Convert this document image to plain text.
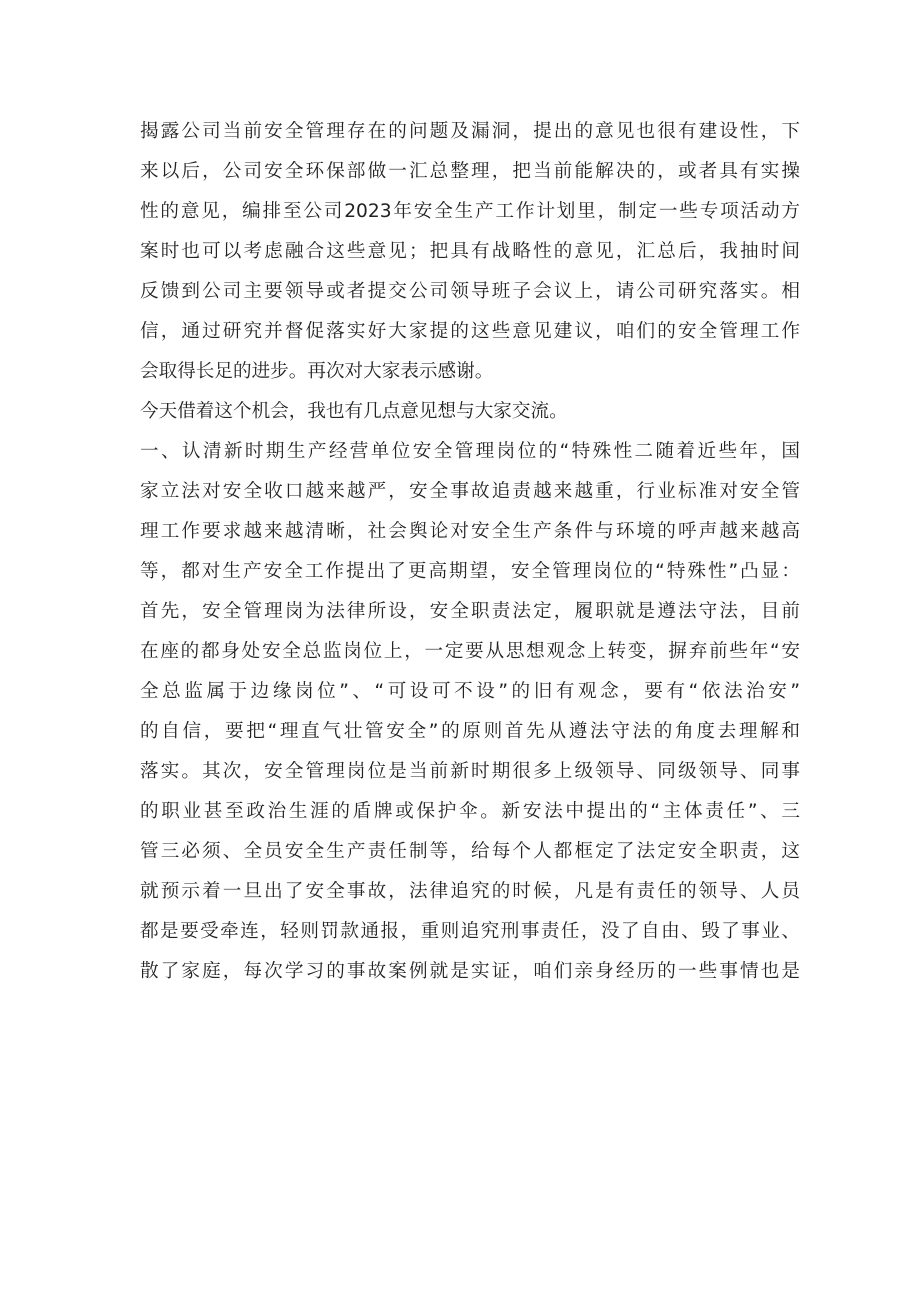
揭露公司当前安全管理存在的问题及漏洞，提出的意见也很有建设性，下
来以后，公司安全环保部做一汇总整理，把当前能解决的，或者具有实操
性的意见，编排至公司2023年安全生产工作计划里，制定一些专项活动方
案时也可以考虑融合这些意见；把具有战略性的意见，汇总后，我抽时间
反馈到公司主要领导或者提交公司领导班子会议上，请公司研究落实。相
信，通过研究并督促落实好大家提的这些意见建议，咱们的安全管理工作
会取得长足的进步。再次对大家表示感谢。
今天借着这个机会，我也有几点意见想与大家交流。
一、认清新时期生产经营单位安全管理岗位的“特殊性二随着近些年，国
家立法对安全收口越来越严，安全事故追责越来越重，行业标准对安全管
理工作要求越来越清晰，社会舆论对安全生产条件与环境的呼声越来越高
等，都对生产安全工作提出了更高期望，安全管理岗位的“特殊性”凸显：
首先，安全管理岗为法律所设，安全职责法定，履职就是遵法守法，目前
在座的都身处安全总监岗位上，一定要从思想观念上转变，摒弃前些年“安
全总监属于边缘岗位”、“可设可不设”的旧有观念，要有“依法治安”
的自信，要把“理直气壮管安全”的原则首先从遵法守法的角度去理解和
落实。其次，安全管理岗位是当前新时期很多上级领导、同级领导、同事
的职业甚至政治生涯的盾牌或保护伞。新安法中提出的“主体责任”、三
管三必须、全员安全生产责任制等，给每个人都框定了法定安全职责，这
就预示着一旦出了安全事故，法律追究的时候，凡是有责任的领导、人员
都是要受牵连，轻则罚款通报，重则追究刑事责任，没了自由、毁了事业、
散了家庭，每次学习的事故案例就是实证，咱们亲身经历的一些事情也是
